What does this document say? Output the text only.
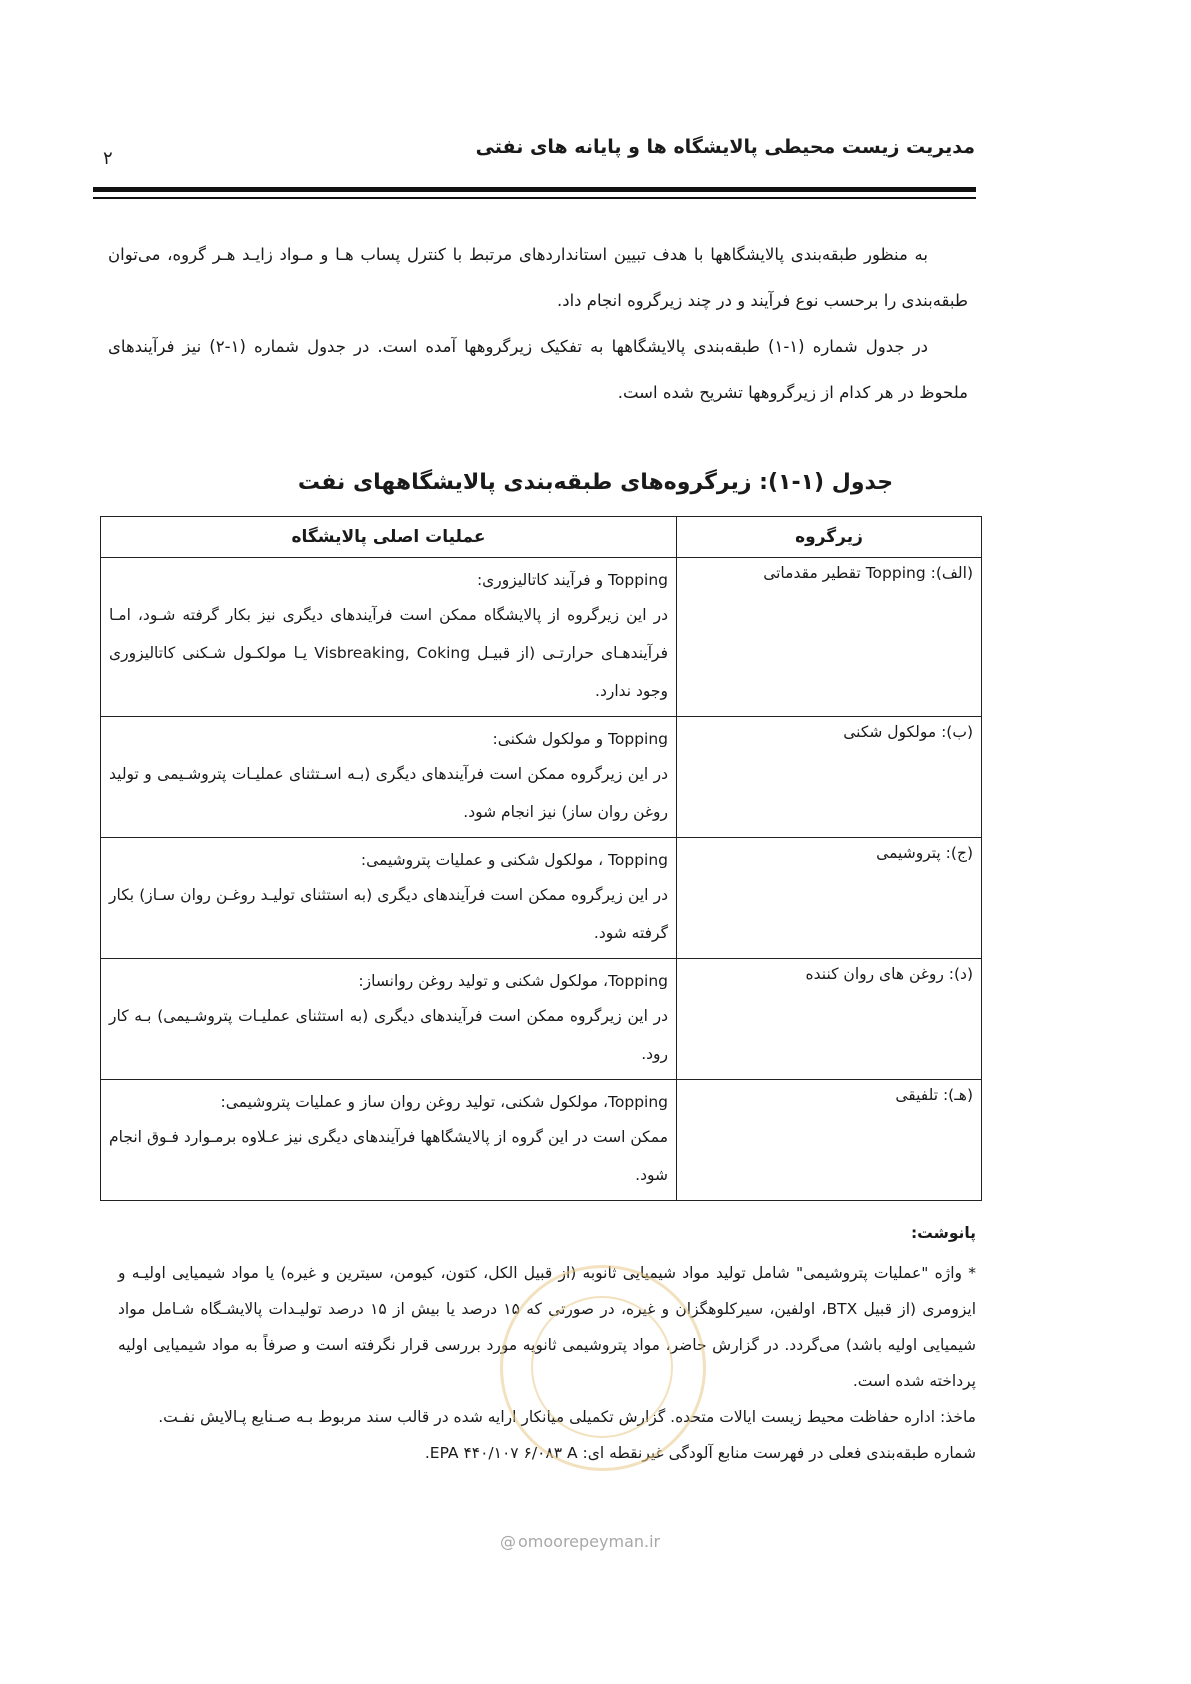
۲
مدیریت زیست محیطی پالایشگاه ها و پایانه های نفتی

به منظور طبقه‌بندی پالایشگاهها با هدف تبیین استانداردهای مرتبط با کنترل پساب هـا و مـواد زایـد هـر گروه، می‌توان طبقه‌بندی را برحسب نوع فرآیند و در چند زیرگروه انجام داد.

در جدول شماره (۱-۱) طبقه‌بندی پالایشگاهها به تفکیک زیرگروهها آمده است. در جدول شماره (۱-۲) نیز فرآیندهای ملحوظ در هر کدام از زیرگروهها تشریح شده است.

جدول (۱-۱): زیرگروه‌های طبقه‌بندی پالایشگاههای نفت
زیرگروه	عملیات اصلی پالایشگاه
(الف): Topping تقطیر مقدماتی	Topping و فرآیند کاتالیزوری:
در این زیرگروه از پالایشگاه ممکن است فرآیندهای دیگری نیز بکار گرفته شـود، امـا فرآیندهـای حرارتـی (از قبیـل Visbreaking, Coking یـا مولکـول شـکنی کاتالیزوری وجود ندارد.

(ب): مولکول شکنی	Topping و مولکول شکنی:
در این زیرگروه ممکن است فرآیندهای دیگری (بـه اسـتثنای عملیـات پتروشـیمی و تولید روغن روان ساز) نیز انجام شود.

(ج): پتروشیمی	Topping ، مولکول شکنی و عملیات پتروشیمی:
در این زیرگروه ممکن است فرآیندهای دیگری (به استثنای تولیـد روغـن روان سـاز) بکار گرفته شود.

(د): روغن های روان کننده	Topping، مولکول شکنی و تولید روغن روانساز:
در این زیرگروه ممکن است فرآیندهای دیگری (به استثنای عملیـات پتروشـیمی) بـه کار رود.

(هـ): تلفیقی	Topping، مولکول شکنی، تولید روغن روان ساز و عملیات پتروشیمی:
ممکن است در این گروه از پالایشگاهها فرآیندهای دیگری نیز عـلاوه برمـوارد فـوق انجام شود.

پانوشت:

* واژه "عملیات پتروشیمی" شامل تولید مواد شیمیایی ثانوبه (از قبیل الکل، کتون، کیومن، سیترین و غیره) یا مواد شیمیایی اولیـه و ایزومری (از قبیل BTX، اولفین، سیرکلوهگزان و غیره، در صورتی که ۱۵ درصد یا بیش از ۱۵ درصد تولیـدات پالایشـگاه شـامل مواد شیمیایی اولیه باشد) می‌گردد. در گزارش حاضر، مواد پتروشیمی ثانویه مورد بررسی قرار نگرفته است و صرفاً به مواد شیمیایی اولیه پرداخته شده است.

ماخذ: اداره حفاظت محیط زیست ایالات متحده. گزارش تکمیلی میانکار ارایه شده در قالب سند مربوط بـه صـنایع پـالایش نفـت.

شماره طبقه‌بندی فعلی در فهرست منابع آلودگی غیرنقطه ای: EPA ۴۴۰/۱۰۷ ۶/۰۸۳ A.

@ omoorepeyman.ir
